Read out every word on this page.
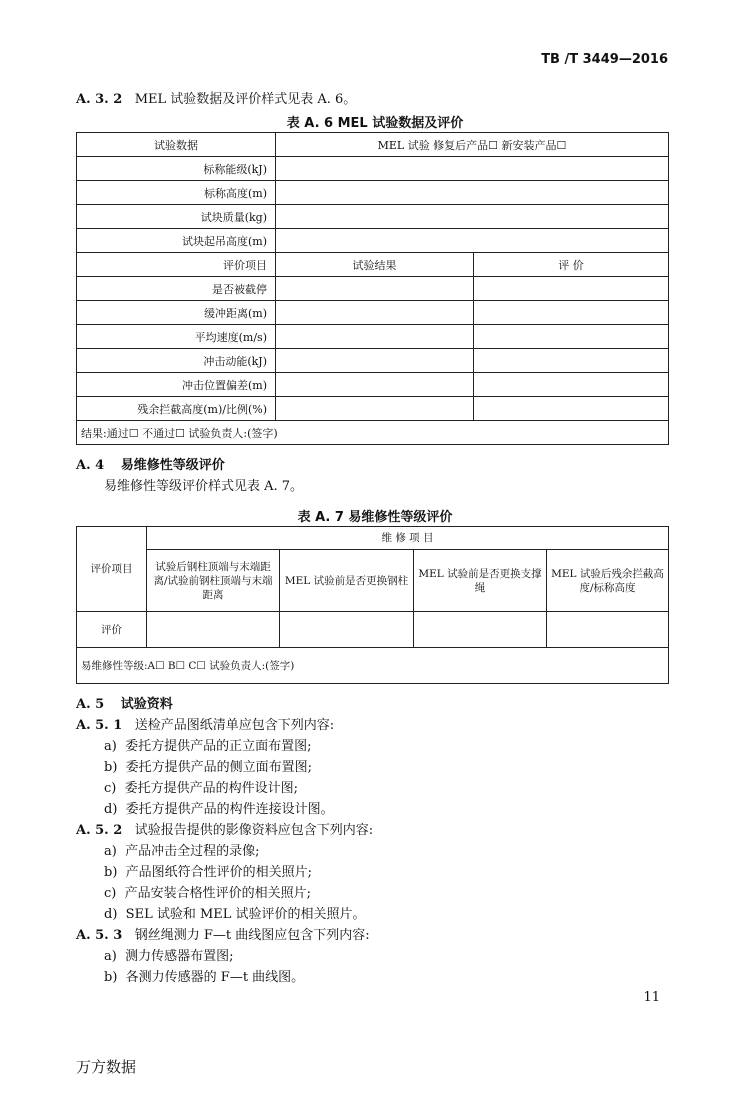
TB /T 3449—2016
A. 3. 2 MEL 试验数据及评价样式见表 A. 6。
表 A. 6 MEL 试验数据及评价
试验数据	MEL 试验 修复后产品☐ 新安装产品☐	
标称能级(kJ)		
标称高度(m)		
试块质量(kg)		
试块起吊高度(m)		
评价项目	试验结果	评 价
是否被截停		
缓冲距离(m)		
平均速度(m/s)		
冲击动能(kJ)		
冲击位置偏差(m)		
残余拦截高度(m)/比例(%)		
结果:通过☐ 不通过☐ 试验负责人:(签字)		
A. 4 易维修性等级评价
易维修性等级评价样式见表 A. 7。
表 A. 7 易维修性等级评价
评价项目	维 修 项 目			
	试验后钢柱顶端与末端距离/试验前钢柱顶端与末端距离	MEL 试验前是否更换钢柱	MEL 试验前是否更换支撑绳	MEL 试验后残余拦截高度/标称高度
评价				
易维修性等级:A☐ B☐ C☐ 试验负责人:(签字)				
A. 5 试验资料
A. 5. 1 送检产品图纸清单应包含下列内容:
a) 委托方提供产品的正立面布置图;
b) 委托方提供产品的侧立面布置图;
c) 委托方提供产品的构件设计图;
d) 委托方提供产品的构件连接设计图。
A. 5. 2 试验报告提供的影像资料应包含下列内容:
a) 产品冲击全过程的录像;
b) 产品图纸符合性评价的相关照片;
c) 产品安装合格性评价的相关照片;
d) SEL 试验和 MEL 试验评价的相关照片。
A. 5. 3 钢丝绳测力 F—t 曲线图应包含下列内容:
a) 测力传感器布置图;
b) 各测力传感器的 F—t 曲线图。
11
万方数据
